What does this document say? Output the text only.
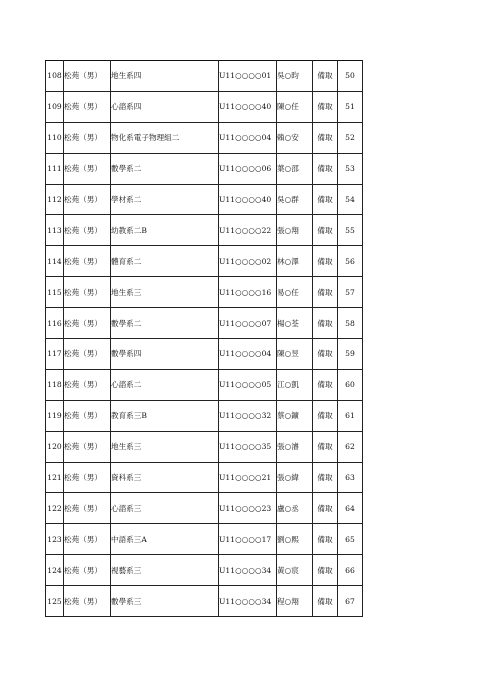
108	松苑（男）	地生系四	U11○○○○01	吳○昀	備取	50
109	松苑（男）	心諮系四	U11○○○○40	陳○任	備取	51
110	松苑（男）	物化系電子物理組二	U11○○○○04	賴○安	備取	52
111	松苑（男）	數學系二	U11○○○○06	葉○邵	備取	53
112	松苑（男）	學材系二	U11○○○○40	吳○群	備取	54
113	松苑（男）	幼教系二B	U11○○○○22	張○翔	備取	55
114	松苑（男）	體育系二	U11○○○○02	林○澤	備取	56
115	松苑（男）	地生系三	U11○○○○16	易○任	備取	57
116	松苑（男）	數學系二	U11○○○○07	楊○荃	備取	58
117	松苑（男）	數學系四	U11○○○○04	陳○昱	備取	59
118	松苑（男）	心諮系二	U11○○○○05	江○凱	備取	60
119	松苑（男）	教育系三B	U11○○○○32	蔡○鑛	備取	61
120	松苑（男）	地生系三	U11○○○○35	張○濬	備取	62
121	松苑（男）	資科系三	U11○○○○21	張○緯	備取	63
122	松苑（男）	心諮系三	U11○○○○23	盧○丞	備取	64
123	松苑（男）	中語系三A	U11○○○○17	劉○熙	備取	65
124	松苑（男）	視藝系三	U11○○○○34	黃○宸	備取	66
125	松苑（男）	數學系三	U11○○○○34	程○翔	備取	67
